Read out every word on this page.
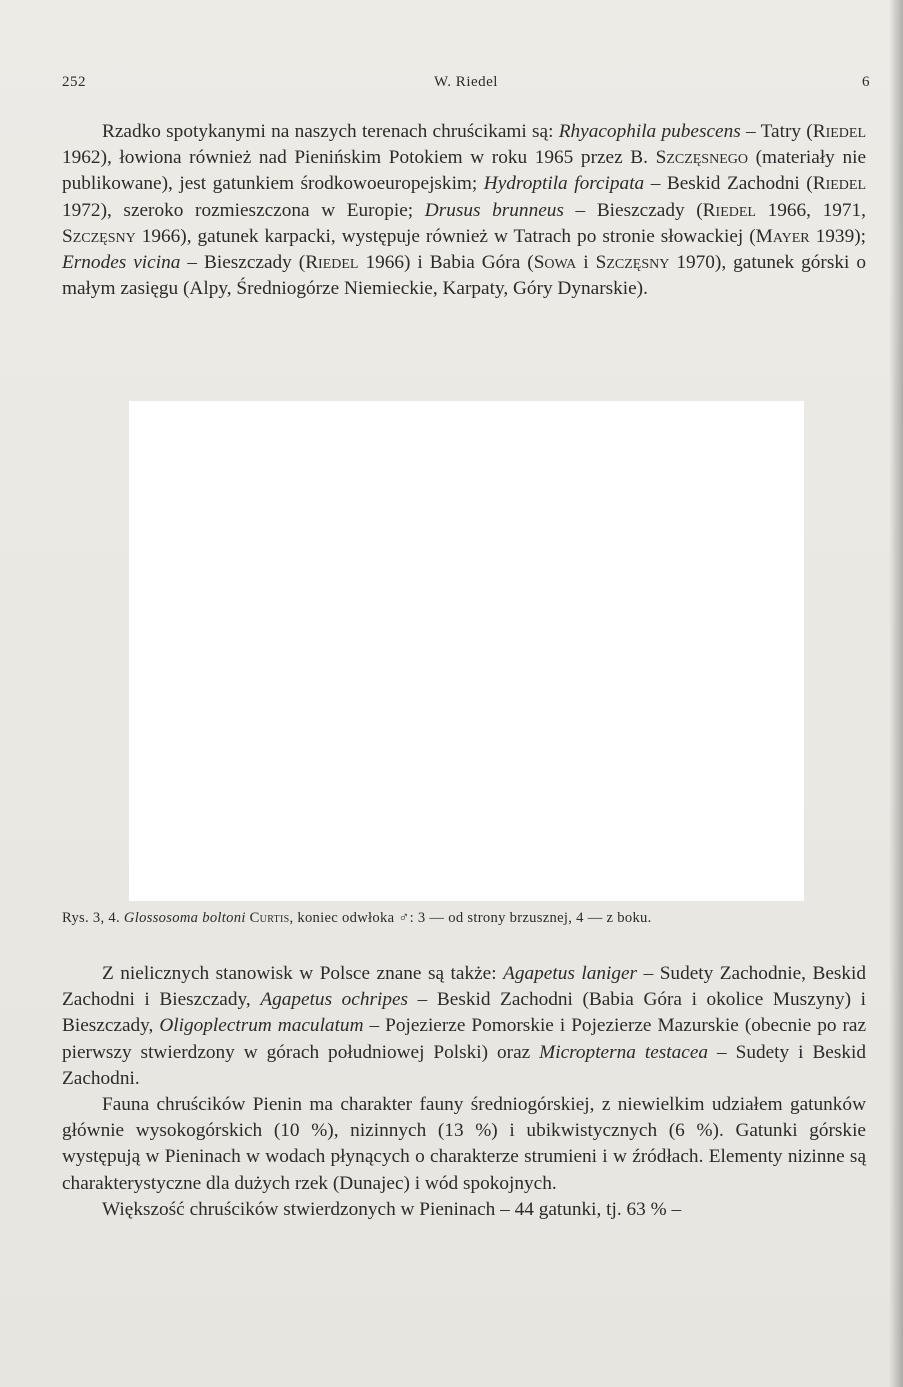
252	W. Riedel	6

Rzadko spotykanymi na naszych terenach chruścikami są: Rhyacophila pubescens – Tatry (Riedel 1962), łowiona również nad Pienińskim Potokiem w roku 1965 przez B. Szczęsnego (materiały nie publikowane), jest gatunkiem środkowoeuropejskim; Hydroptila forcipata – Beskid Zachodni (Riedel 1972), szeroko rozmieszczona w Europie; Drusus brunneus – Bieszczady (Riedel 1966, 1971, Szczęsny 1966), gatunek karpacki, występuje również w Tatrach po stronie słowackiej (Mayer 1939); Ernodes vicina – Bieszczady (Riedel 1966) i Babia Góra (Sowa i Szczęsny 1970), gatunek górski o małym zasięgu (Alpy, Średniogórze Niemieckie, Karpaty, Góry Dynarskie).

Rys. 3, 4. Glossosoma boltoni Curtis, koniec odwłoka ♂: 3 — od strony brzusznej, 4 — z boku.

Z nielicznych stanowisk w Polsce znane są także: Agapetus laniger – Sudety Zachodnie, Beskid Zachodni i Bieszczady, Agapetus ochripes – Beskid Zachodni (Babia Góra i okolice Muszyny) i Bieszczady, Oligoplectrum maculatum – Pojezierze Pomorskie i Pojezierze Mazurskie (obecnie po raz pierwszy stwierdzony w górach południowej Polski) oraz Micropterna testacea – Sudety i Beskid Zachodni.

Fauna chruścików Pienin ma charakter fauny średniogórskiej, z niewielkim udziałem gatunków głównie wysokogórskich (10 %), nizinnych (13 %) i ubikwistycznych (6 %). Gatunki górskie występują w Pieninach w wodach płynących o charakterze strumieni i w źródłach. Elementy nizinne są charakterystyczne dla dużych rzek (Dunajec) i wód spokojnych.

Większość chruścików stwierdzonych w Pieninach – 44 gatunki, tj. 63 % –
